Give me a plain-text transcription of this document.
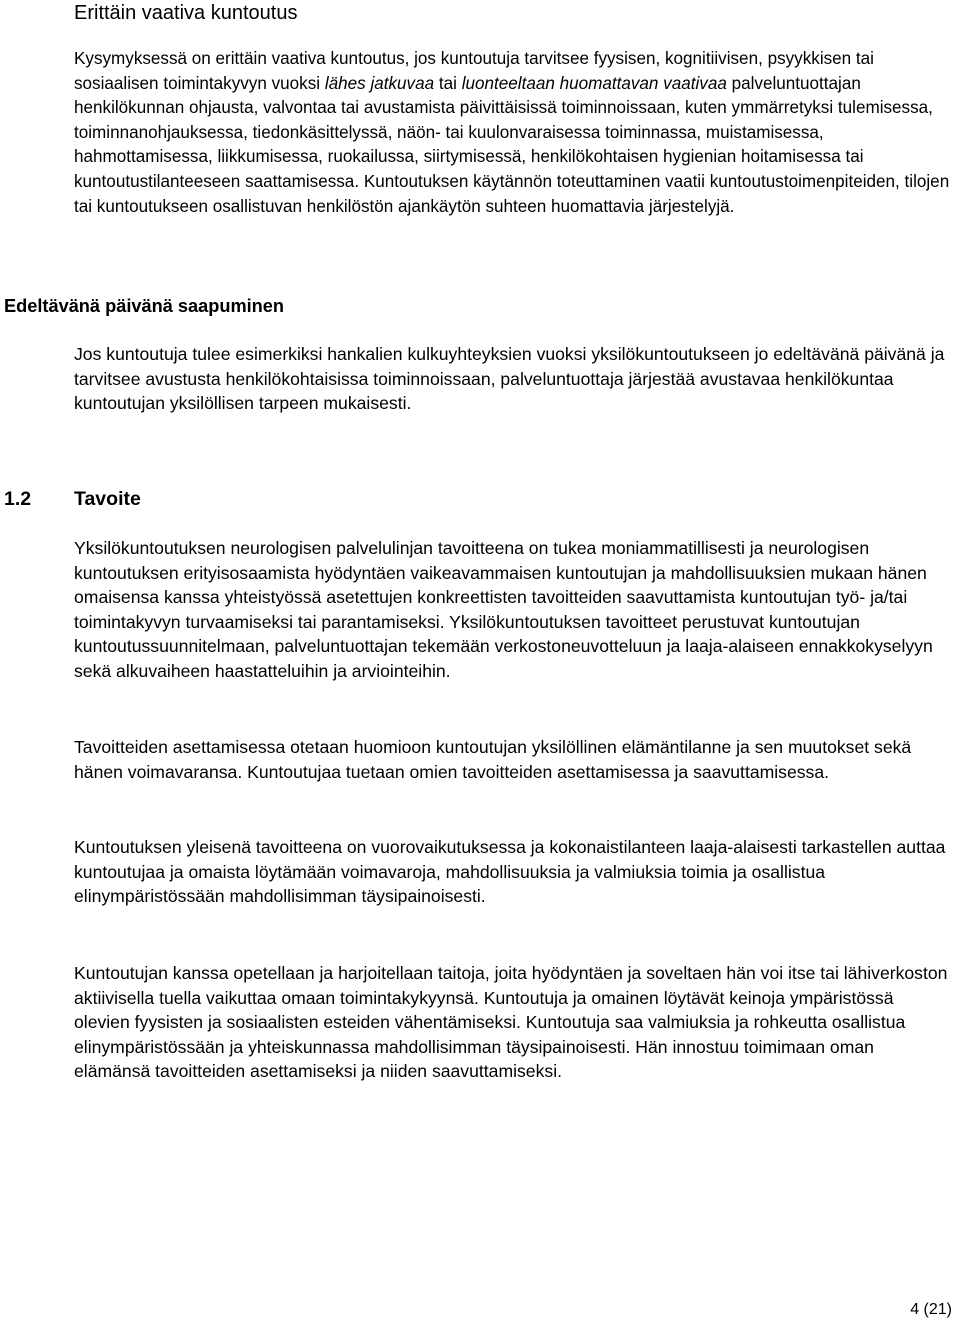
Erittäin vaativa kuntoutus

Kysymyksessä on erittäin vaativa kuntoutus, jos kuntoutuja tarvitsee fyysisen, kognitiivisen, psyykkisen tai sosiaalisen toimintakyvyn vuoksi lähes jatkuvaa tai luonteeltaan huomattavan vaativaa palveluntuottajan henkilökunnan ohjausta, valvontaa tai avustamista päivittäisissä toiminnoissaan, kuten ymmärretyksi tulemisessa, toiminnanohjauksessa, tiedonkäsittelyssä, näön- tai kuulonvaraisessa toiminnassa, muistamisessa, hahmottamisessa, liikkumisessa, ruokailussa, siirtymisessä, henkilökohtaisen hygienian hoitamisessa tai kuntoutustilanteeseen saattamisessa. Kuntoutuksen käytännön toteuttaminen vaatii kuntoutustoimenpiteiden, tilojen tai kuntoutukseen osallistuvan henkilöstön ajankäytön suhteen huomattavia järjestelyjä.

Edeltävänä päivänä saapuminen

Jos kuntoutuja tulee esimerkiksi hankalien kulkuyhteyksien vuoksi yksilökuntoutukseen jo edeltävänä päivänä ja tarvitsee avustusta henkilökohtaisissa toiminnoissaan, palveluntuottaja järjestää avustavaa henkilökuntaa kuntoutujan yksilöllisen tarpeen mukaisesti.

1.2 Tavoite

Yksilökuntoutuksen neurologisen palvelulinjan tavoitteena on tukea moniammatillisesti ja neurologisen kuntoutuksen erityisosaamista hyödyntäen vaikeavammaisen kuntoutujan ja mahdollisuuksien mukaan hänen omaisensa kanssa yhteistyössä asetettujen konkreettisten tavoitteiden saavuttamista kuntoutujan työ- ja/tai toimintakyvyn turvaamiseksi tai parantamiseksi. Yksilökuntoutuksen tavoitteet perustuvat kuntoutujan kuntoutussuunnitelmaan, palveluntuottajan tekemään verkostoneuvotteluun ja laaja-alaiseen ennakkokyselyyn sekä alkuvaiheen haastatteluihin ja arviointeihin.

Tavoitteiden asettamisessa otetaan huomioon kuntoutujan yksilöllinen elämäntilanne ja sen muutokset sekä hänen voimavaransa. Kuntoutujaa tuetaan omien tavoitteiden asettamisessa ja saavuttamisessa.

Kuntoutuksen yleisenä tavoitteena on vuorovaikutuksessa ja kokonaistilanteen laaja-alaisesti tarkastellen auttaa kuntoutujaa ja omaista löytämään voimavaroja, mahdollisuuksia ja valmiuksia toimia ja osallistua elinympäristössään mahdollisimman täysipainoisesti.

Kuntoutujan kanssa opetellaan ja harjoitellaan taitoja, joita hyödyntäen ja soveltaen hän voi itse tai lähiverkoston aktiivisella tuella vaikuttaa omaan toimintakykyynsä. Kuntoutuja ja omainen löytävät keinoja ympäristössä olevien fyysisten ja sosiaalisten esteiden vähentämiseksi. Kuntoutuja saa valmiuksia ja rohkeutta osallistua elinympäristössään ja yhteiskunnassa mahdollisimman täysipainoisesti. Hän innostuu toimimaan oman elämänsä tavoitteiden asettamiseksi ja niiden saavuttamiseksi.

4 (21)
